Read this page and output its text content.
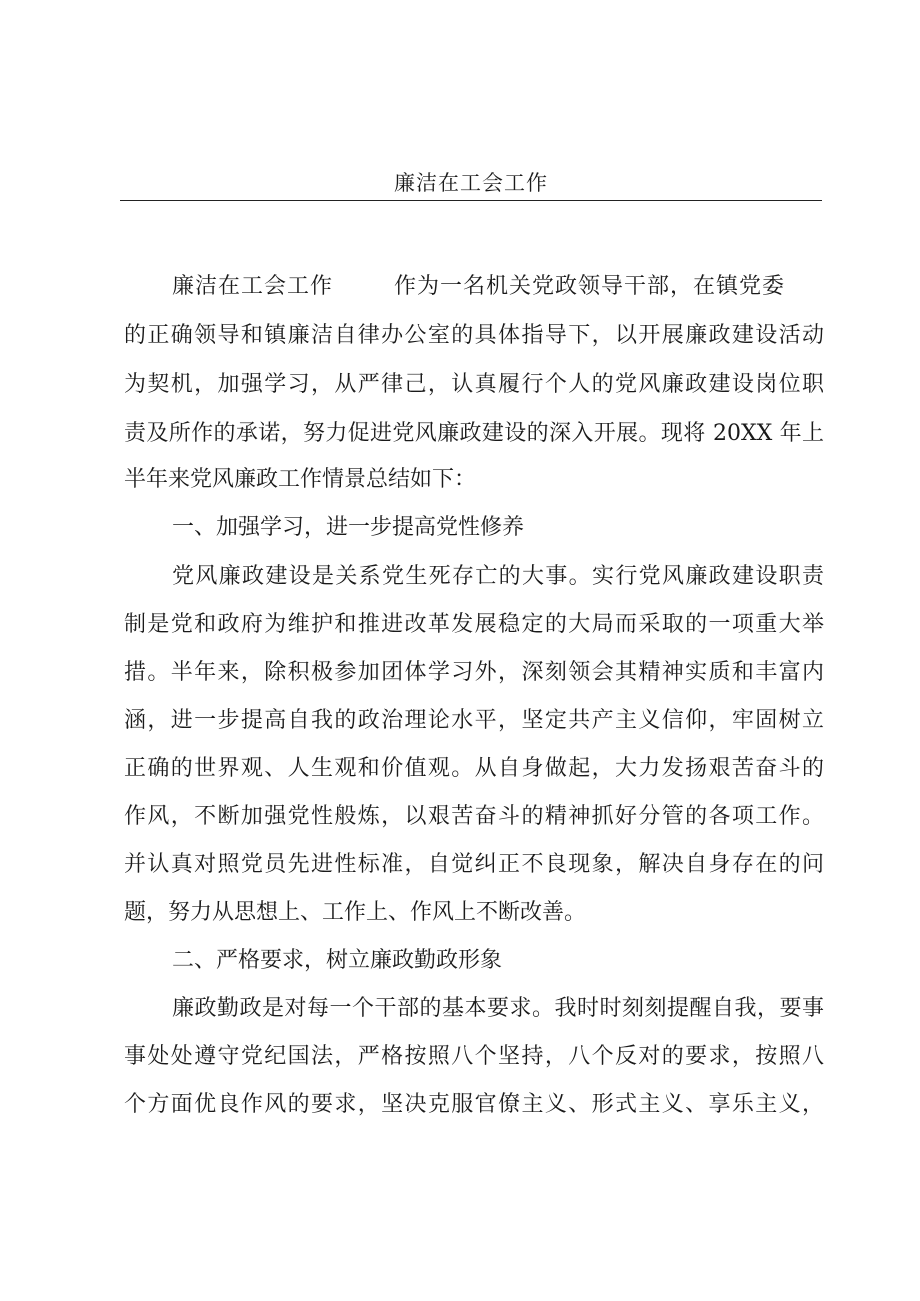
廉洁在工会工作
廉洁在工会工作	作为一名机关党政领导干部，在镇党委
的正确领导和镇廉洁自律办公室的具体指导下，以开展廉政建设活动
为契机，加强学习，从严律己，认真履行个人的党风廉政建设岗位职
责及所作的承诺，努力促进党风廉政建设的深入开展。现将 20XX 年上
半年来党风廉政工作情景总结如下：
一、加强学习，进一步提高党性修养
党风廉政建设是关系党生死存亡的大事。实行党风廉政建设职责
制是党和政府为维护和推进改革发展稳定的大局而采取的一项重大举
措。半年来，除积极参加团体学习外，深刻领会其精神实质和丰富内
涵，进一步提高自我的政治理论水平，坚定共产主义信仰，牢固树立
正确的世界观、人生观和价值观。从自身做起，大力发扬艰苦奋斗的
作风，不断加强党性般炼，以艰苦奋斗的精神抓好分管的各项工作。
并认真对照党员先进性标准，自觉纠正不良现象，解决自身存在的问
题，努力从思想上、工作上、作风上不断改善。
二、严格要求，树立廉政勤政形象
廉政勤政是对每一个干部的基本要求。我时时刻刻提醒自我，要事
事处处遵守党纪国法，严格按照八个坚持，八个反对的要求，按照八
个方面优良作风的要求，坚决克服官僚主义、形式主义、享乐主义，
